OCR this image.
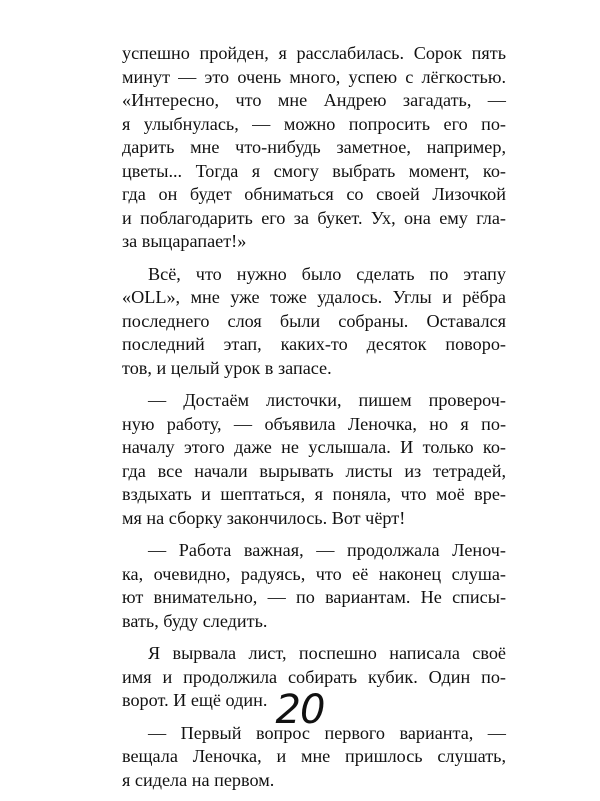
успешно пройден, я расслабилась. Сорок пять
минут — это очень много, успею с лёгкостью.
«Интересно, что мне Андрею загадать, —
я улыбнулась, — можно попросить его по-
дарить мне что-нибудь заметное, например,
цветы... Тогда я смогу выбрать момент, ко-
гда он будет обниматься со своей Лизочкой
и поблагодарить его за букет. Ух, она ему гла-
за выцарапает!»
Всё, что нужно было сделать по этапу
«OLL», мне уже тоже удалось. Углы и рёбра
последнего слоя были собраны. Оставался
последний этап, каких-то десяток поворо-
тов, и целый урок в запасе.
— Достаём листочки, пишем провероч-
ную работу, — объявила Леночка, но я по-
началу этого даже не услышала. И только ко-
гда все начали вырывать листы из тетрадей,
вздыхать и шептаться, я поняла, что моё вре-
мя на сборку закончилось. Вот чёрт!
— Работа важная, — продолжала Леноч-
ка, очевидно, радуясь, что её наконец слуша-
ют внимательно, — по вариантам. Не списы-
вать, буду следить.
Я вырвала лист, поспешно написала своё
имя и продолжила собирать кубик. Один по-
ворот. И ещё один.
— Первый вопрос первого варианта, —
вещала Леночка, и мне пришлось слушать,
я сидела на первом.
20
